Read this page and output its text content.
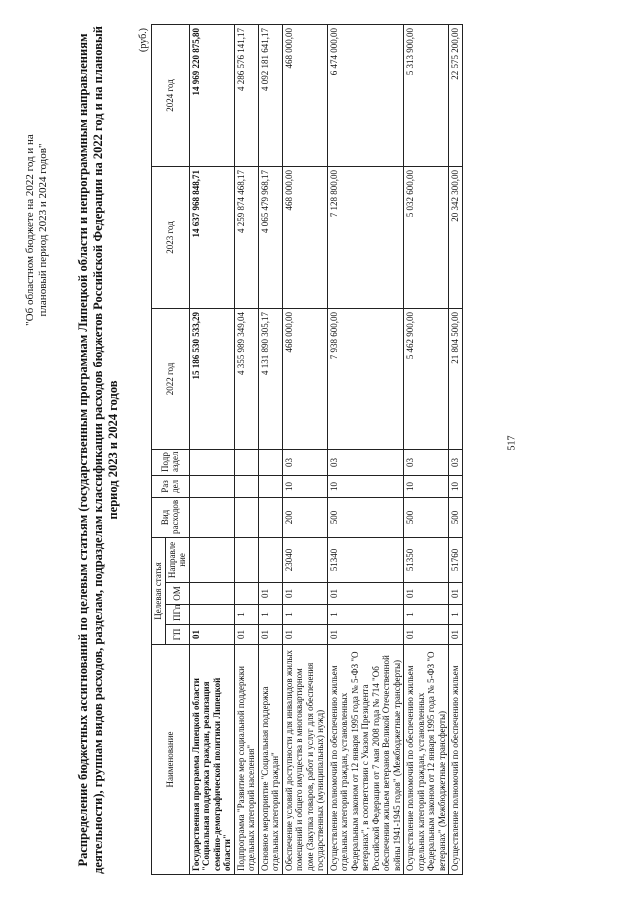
517
"Об областном бюджете на 2022 год и на плановый период 2023 и 2024 годов" Распределение бюджетных ассигнований по целевым статьям (государственным программам Липецкой области и непрограммным направлениям деятельности), группам видов расходов, разделам, подразделам классификации расходов бюджетов Российской Федерации на 2022 год и на плановый период 2023 и 2024 годов
(руб.)
Наименование	Целевая статья				Вид расходов	Раз дел	Подр аздел	2022 год	2023 год	2024 год
	ГП	ПГп	ОМ	Направле ние						
Государственная программа Липецкой области "Социальная поддержка граждан, реализация семейно-демографической политики Липецкой области"	01							15 186 530 533,29	14 637 968 848,71	14 969 220 875,80
Подпрограмма "Развитие мер социальной поддержки отдельных категорий населения"	01	1						4 355 989 349,04	4 259 874 468,17	4 286 576 141,17
Основное мероприятие "Социальная поддержка отдельных категорий граждан"	01	1	01					4 131 890 305,17	4 065 479 968,17	4 092 181 641,17
Обеспечение условий доступности для инвалидов жилых помещений и общего имущества в многоквартирном доме (Закупка товаров, работ и услуг для обеспечения государственных (муниципальных) нужд)	01	1	01	23040	200	10	03	468 000,00	468 000,00	468 000,00
Осуществление полномочий по обеспечению жильем отдельных категорий граждан, установленных Федеральным законом от 12 января 1995 года № 5-ФЗ "О ветеранах", в соответствии с Указом Президента Российской Федерации от 7 мая 2008 года № 714 "Об обеспечении жильем ветеранов Великой Отечественной войны 1941-1945 годов" (Межбюджетные трансферты)	01	1	01	51340	500	10	03	7 938 600,00	7 128 800,00	6 474 000,00
Осуществление полномочий по обеспечению жильем отдельных категорий граждан, установленных Федеральным законом от 12 января 1995 года № 5-ФЗ "О ветеранах" (Межбюджетные трансферты)	01	1	01	51350	500	10	03	5 462 900,00	5 032 600,00	5 313 900,00
Осуществление полномочий по обеспечению жильем	01	1	01	51760	500	10	03	21 804 500,00	20 342 300,00	22 575 200,00
